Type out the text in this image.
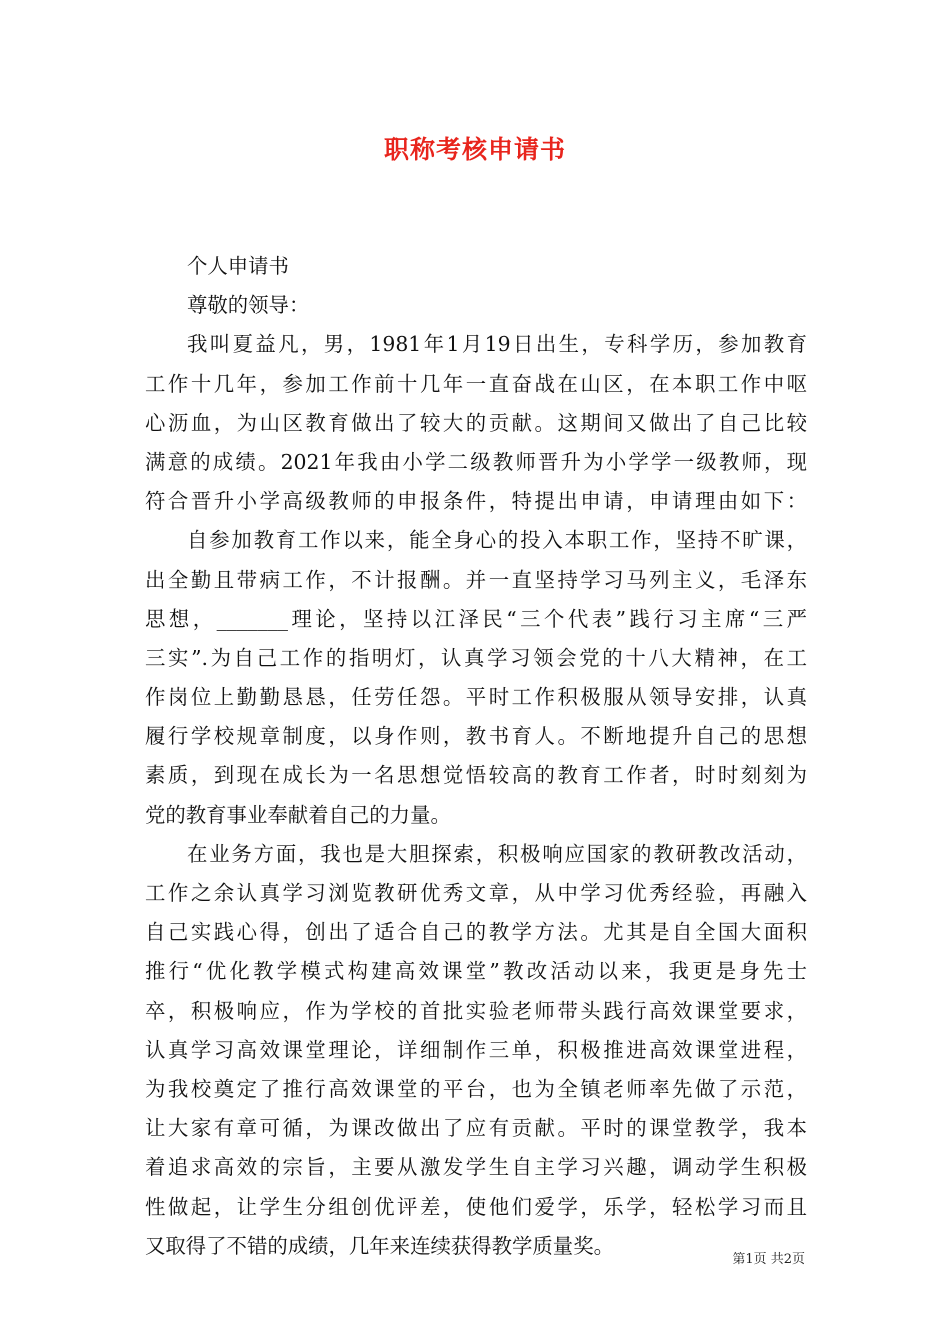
职称考核申请书
个人申请书
尊敬的领导：
我叫夏益凡，男，1981年1月19日出生，专科学历，参加教育
工作十几年，参加工作前十几年一直奋战在山区，在本职工作中呕
心沥血，为山区教育做出了较大的贡献。这期间又做出了自己比较
满意的成绩。2021年我由小学二级教师晋升为小学学一级教师，现
符合晋升小学高级教师的申报条件，特提出申请，申请理由如下：
自参加教育工作以来，能全身心的投入本职工作，坚持不旷课，
出全勤且带病工作，不计报酬。并一直坚持学习马列主义，毛泽东
思想，_______理论，坚持以江泽民“三个代表”践行习主席“三严
三实”.为自己工作的指明灯，认真学习领会党的十八大精神，在工
作岗位上勤勤恳恳，任劳任怨。平时工作积极服从领导安排，认真
履行学校规章制度，以身作则，教书育人。不断地提升自己的思想
素质，到现在成长为一名思想觉悟较高的教育工作者，时时刻刻为
党的教育事业奉献着自己的力量。
在业务方面，我也是大胆探索，积极响应国家的教研教改活动，
工作之余认真学习浏览教研优秀文章，从中学习优秀经验，再融入
自己实践心得，创出了适合自己的教学方法。尤其是自全国大面积
推行“优化教学模式构建高效课堂”教改活动以来，我更是身先士
卒，积极响应，作为学校的首批实验老师带头践行高效课堂要求，
认真学习高效课堂理论，详细制作三单，积极推进高效课堂进程，
为我校奠定了推行高效课堂的平台，也为全镇老师率先做了示范，
让大家有章可循，为课改做出了应有贡献。平时的课堂教学，我本
着追求高效的宗旨，主要从激发学生自主学习兴趣，调动学生积极
性做起，让学生分组创优评差，使他们爱学，乐学，轻松学习而且
又取得了不错的成绩，几年来连续获得教学质量奖。
第1页 共2页
